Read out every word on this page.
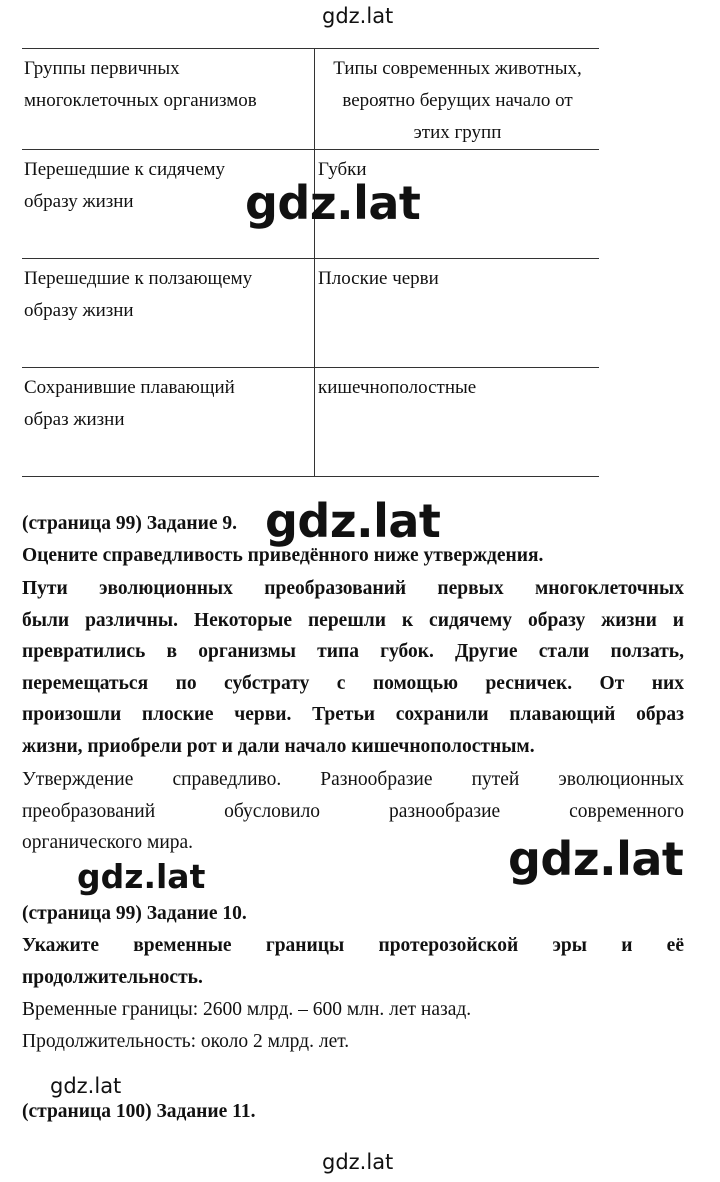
gdz.lat
Группы первичных
многоклеточных организмов	Типы современных животных,
вероятно берущих начало от
этих групп
Перешедшие к сидячему
образу жизни	Губки
Перешедшие к ползающему
образу жизни	Плоские черви
Сохранившие плавающий
образ жизни	кишечнополостные
gdz.lat
(страница 99) Задание 9.
Оцените справедливость приведённого ниже утверждения.
Пути эволюционных преобразований первых многоклеточных
были различны. Некоторые перешли к сидячему образу жизни и
превратились в организмы типа губок. Другие стали ползать,
перемещаться по субстрату с помощью ресничек. От них
произошли плоские черви. Третьи сохранили плавающий образ
жизни, приобрели рот и дали начало кишечнополостным.
Утверждение справедливо. Разнообразие путей эволюционных
преобразований обусловило разнообразие современного
органического мира.
gdz.lat
gdz.lat	gdz.lat
(страница 99) Задание 10.
Укажите временные границы протерозойской эры и её
продолжительность.
Временные границы: 2600 млрд. – 600 млн. лет назад.
Продолжительность: около 2 млрд. лет.
gdz.lat
(страница 100) Задание 11.
gdz.lat
